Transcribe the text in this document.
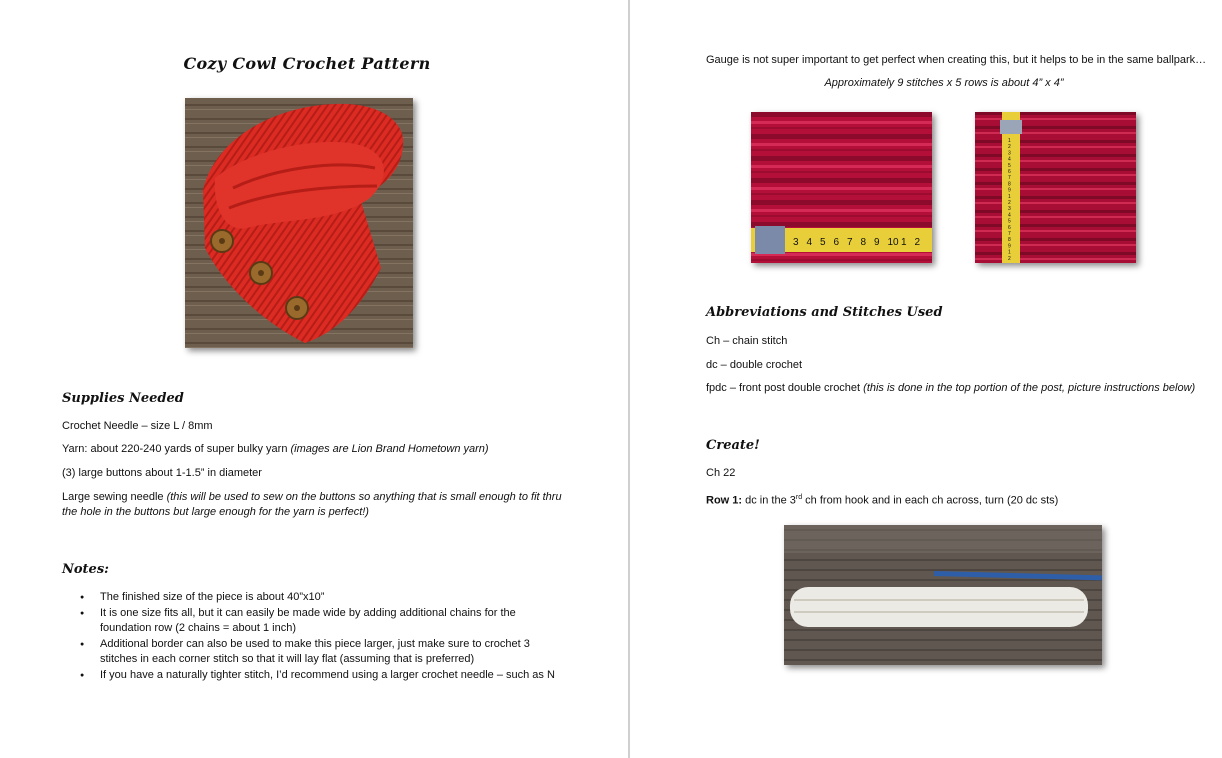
Cozy Cowl Crochet Pattern
Supplies Needed
Crochet Needle – size L / 8mm
Yarn: about 220-240 yards of super bulky yarn (images are Lion Brand Hometown yarn)
(3) large buttons about 1-1.5” in diameter
Large sewing needle (this will be used to sew on the buttons so anything that is small enough to fit thru
the hole in the buttons but large enough for the yarn is perfect!)
Notes:
● The finished size of the piece is about 40”x10”
● It is one size fits all, but it can easily be made wide by adding additional chains for the foundation row (2 chains = about 1 inch)
● Additional border can also be used to make this piece larger, just make sure to crochet 3 stitches in each corner stitch so that it will lay flat (assuming that is preferred)
● If you have a naturally tighter stitch, I’d recommend using a larger crochet needle – such as N
Gauge is not super important to get perfect when creating this, but it helps to be in the same ballpark…
Approximately 9 stitches x 5 rows is about 4” x 4”
3 4 5 6 7 8 9 10 1 2
1
2
3
4
5
6
7
8
9
1
2
3
4
5
6
7
8
9
1
2
Abbreviations and Stitches Used
Ch – chain stitch
dc – double crochet
fpdc – front post double crochet (this is done in the top portion of the post, picture instructions below)
Create!
Ch 22
Row 1: dc in the 3rd ch from hook and in each ch across, turn (20 dc sts)
